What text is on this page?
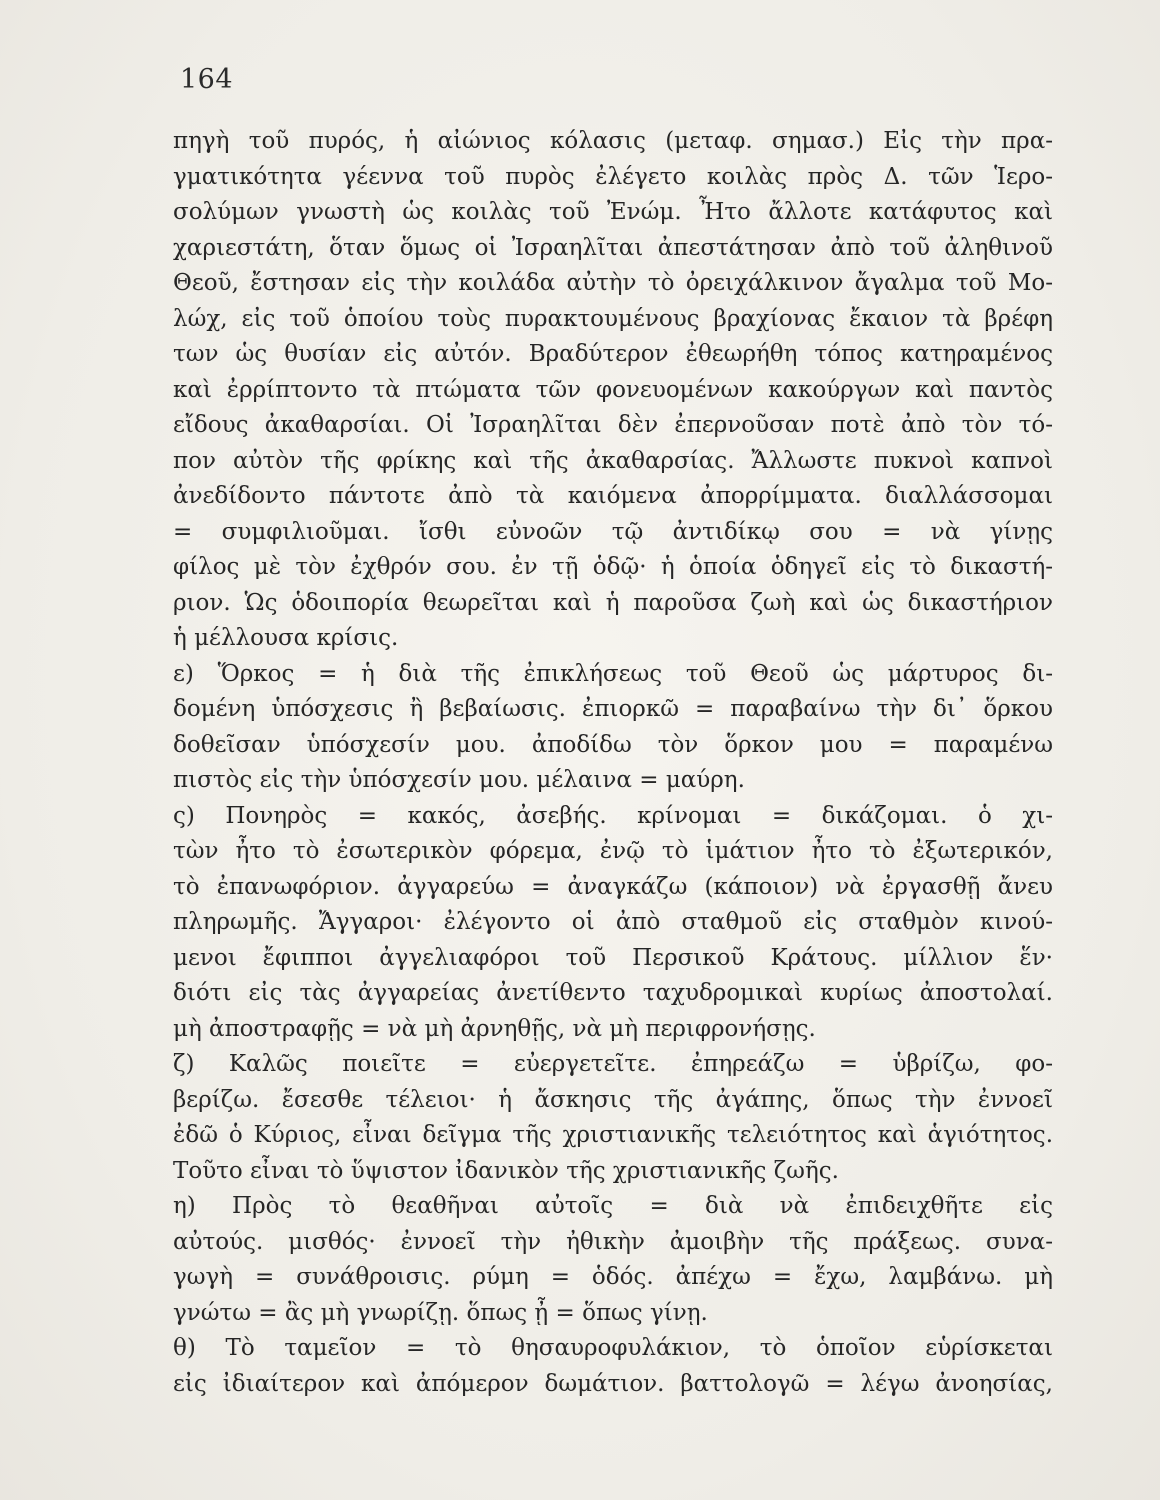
164
πηγὴ τοῦ πυρός, ἡ αἰώνιος κόλασις (μεταφ. σημασ.) Εἰς τὴν πρα-
γματικότητα γέεννα τοῦ πυρὸς ἐλέγετο κοιλὰς πρὸς Δ. τῶν Ἱερο-
σολύμων γνωστὴ ὡς κοιλὰς τοῦ Ἐνώμ. Ἦτο ἄλλοτε κατάφυτος καὶ
χαριεστάτη, ὅταν ὅμως οἱ Ἰσραηλῖται ἀπεστάτησαν ἀπὸ τοῦ ἀληθινοῦ
Θεοῦ, ἔστησαν εἰς τὴν κοιλάδα αὐτὴν τὸ ὀρειχάλκινον ἄγαλμα τοῦ Μο-
λώχ, εἰς τοῦ ὁποίου τοὺς πυρακτουμένους βραχίονας ἔκαιον τὰ βρέφη
των ὡς θυσίαν εἰς αὐτόν. Βραδύτερον ἐθεωρήθη τόπος κατηραμένος
καὶ ἐρρίπτοντο τὰ πτώματα τῶν φονευομένων κακούργων καὶ παντὸς
εἴδους ἀκαθαρσίαι. Οἱ Ἰσραηλῖται δὲν ἐπερνοῦσαν ποτὲ ἀπὸ τὸν τό-
πον αὐτὸν τῆς φρίκης καὶ τῆς ἀκαθαρσίας. Ἄλλωστε πυκνοὶ καπνοὶ
ἀνεδίδοντο πάντοτε ἀπὸ τὰ καιόμενα ἀπορρίμματα. διαλλάσσομαι
= συμφιλιοῦμαι. ἴσθι εὐνοῶν τῷ ἀντιδίκῳ σου = νὰ γίνῃς
φίλος μὲ τὸν ἐχθρόν σου. ἐν τῇ ὁδῷ· ἡ ὁποία ὁδηγεῖ εἰς τὸ δικαστή-
ριον. Ὡς ὁδοιπορία θεωρεῖται καὶ ἡ παροῦσα ζωὴ καὶ ὡς δικαστήριον
ἡ μέλλουσα κρίσις.
ε) Ὅρκος = ἡ διὰ τῆς ἐπικλήσεως τοῦ Θεοῦ ὡς μάρτυρος δι-
δομένη ὑπόσχεσις ἢ βεβαίωσις. ἐπιορκῶ = παραβαίνω τὴν δι᾽ ὅρκου
δοθεῖσαν ὑπόσχεσίν μου. ἀποδίδω τὸν ὅρκον μου = παραμένω
πιστὸς εἰς τὴν ὑπόσχεσίν μου. μέλαινα = μαύρη.
ς) Πονηρὸς = κακός, ἀσεβής. κρίνομαι = δικάζομαι. ὁ χι-
τὼν ἦτο τὸ ἐσωτερικὸν φόρεμα, ἐνῷ τὸ ἱμάτιον ἦτο τὸ ἐξωτερικόν,
τὸ ἐπανωφόριον. ἀγγαρεύω = ἀναγκάζω (κάποιον) νὰ ἐργασθῇ ἄνευ
πληρωμῆς. Ἄγγαροι· ἐλέγοντο οἱ ἀπὸ σταθμοῦ εἰς σταθμὸν κινού-
μενοι ἔφιπποι ἀγγελιαφόροι τοῦ Περσικοῦ Κράτους. μίλλιον ἕν·
διότι εἰς τὰς ἀγγαρείας ἀνετίθεντο ταχυδρομικαὶ κυρίως ἀποστολαί.
μὴ ἀποστραφῇς = νὰ μὴ ἀρνηθῇς, νὰ μὴ περιφρονήσῃς.
ζ) Καλῶς ποιεῖτε = εὐεργετεῖτε. ἐπηρεάζω = ὑβρίζω, φο-
βερίζω. ἔσεσθε τέλειοι· ἡ ἄσκησις τῆς ἀγάπης, ὅπως τὴν ἐννοεῖ
ἐδῶ ὁ Κύριος, εἶναι δεῖγμα τῆς χριστιανικῆς τελειότητος καὶ ἁγιότητος.
Τοῦτο εἶναι τὸ ὕψιστον ἰδανικὸν τῆς χριστιανικῆς ζωῆς.
η) Πρὸς τὸ θεαθῆναι αὐτοῖς = διὰ νὰ ἐπιδειχθῆτε εἰς
αὐτούς. μισθός· ἐννοεῖ τὴν ἠθικὴν ἀμοιβὴν τῆς πράξεως. συνα-
γωγὴ = συνάθροισις. ρύμη = ὁδός. ἀπέχω = ἔχω, λαμβάνω. μὴ
γνώτω = ἂς μὴ γνωρίζῃ. ὅπως ᾖ = ὅπως γίνῃ.
θ) Τὸ ταμεῖον = τὸ θησαυροφυλάκιον, τὸ ὁποῖον εὑρίσκεται
εἰς ἰδιαίτερον καὶ ἀπόμερον δωμάτιον. βαττολογῶ = λέγω ἀνοησίας,
